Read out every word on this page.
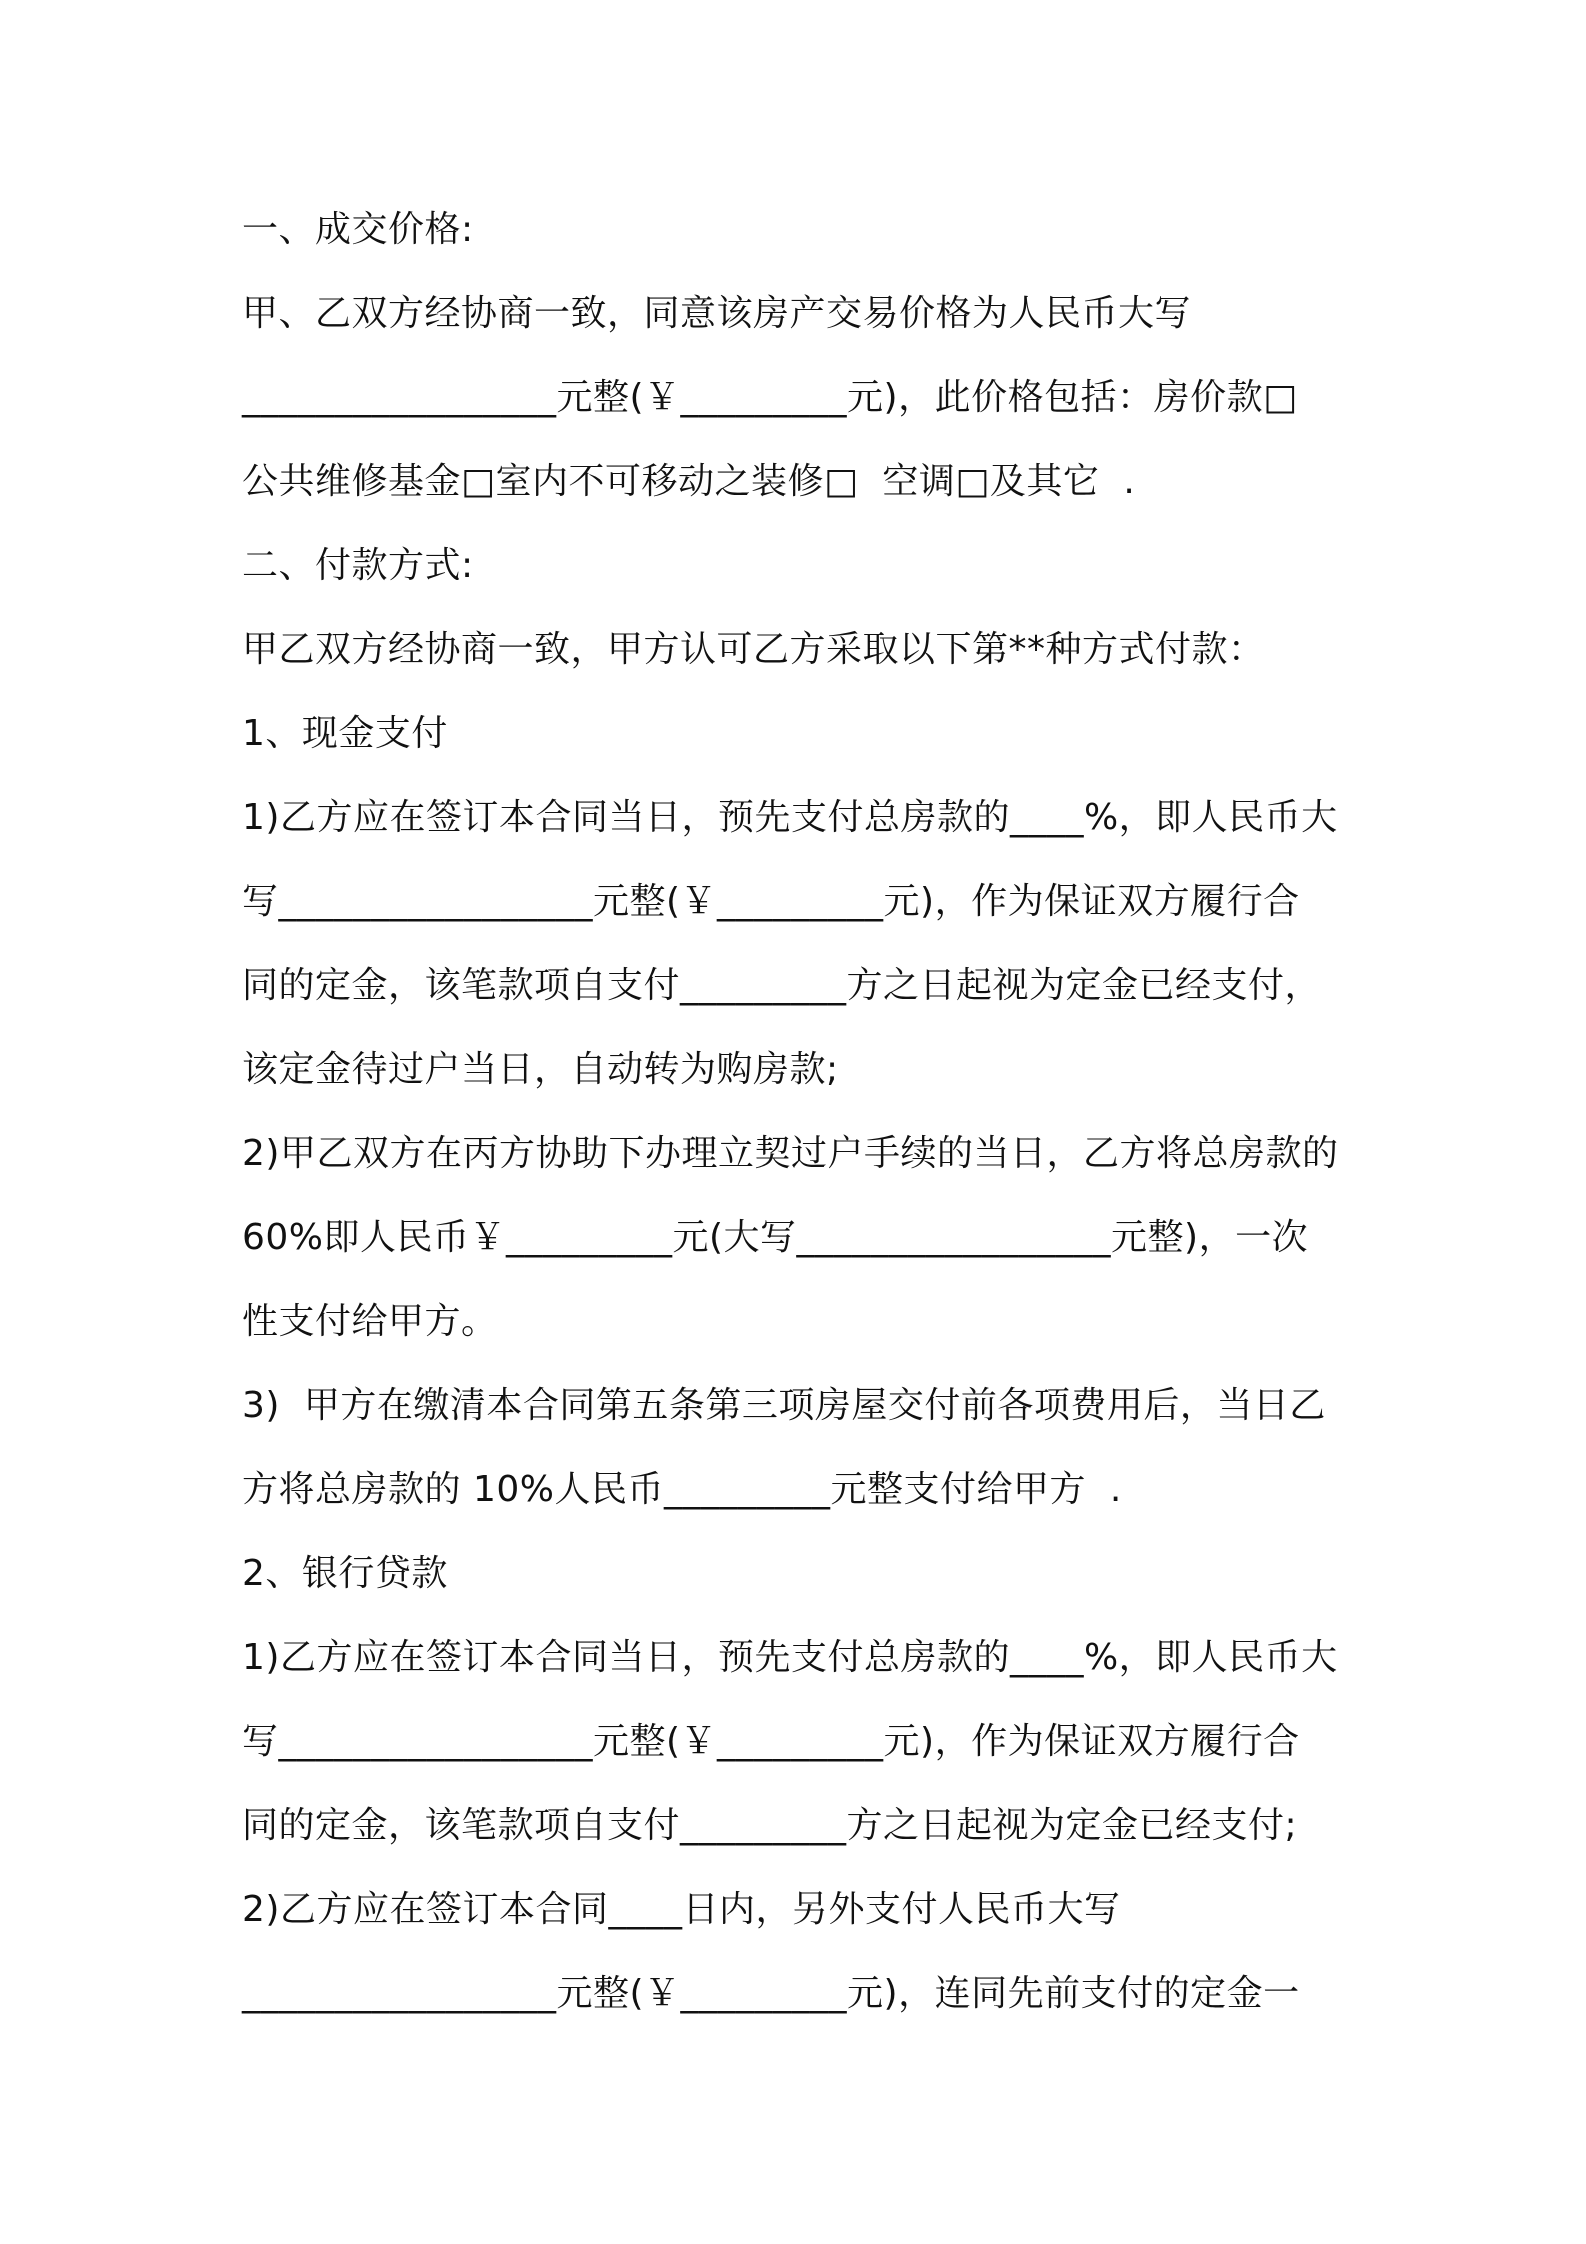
一、成交价格:
甲、乙双方经协商一致，同意该房产交易价格为人民币大写
_________________元整(￥_________元)，此价格包括：房价款□
公共维修基金□室内不可移动之装修□  空调□及其它  .
二、付款方式:
甲乙双方经协商一致，甲方认可乙方采取以下第**种方式付款：
1、现金支付
1)乙方应在签订本合同当日，预先支付总房款的____%，即人民币大
写_________________元整(￥_________元)，作为保证双方履行合
同的定金，该笔款项自支付_________方之日起视为定金已经支付，
该定金待过户当日，自动转为购房款;
2)甲乙双方在丙方协助下办理立契过户手续的当日，乙方将总房款的
60%即人民币￥_________元(大写_________________元整)，一次
性支付给甲方。
3)  甲方在缴清本合同第五条第三项房屋交付前各项费用后，当日乙
方将总房款的 10%人民币_________元整支付给甲方  .
2、银行贷款
1)乙方应在签订本合同当日，预先支付总房款的____%，即人民币大
写_________________元整(￥_________元)，作为保证双方履行合
同的定金，该笔款项自支付_________方之日起视为定金已经支付;
2)乙方应在签订本合同____日内，另外支付人民币大写
_________________元整(￥_________元)，连同先前支付的定金一
